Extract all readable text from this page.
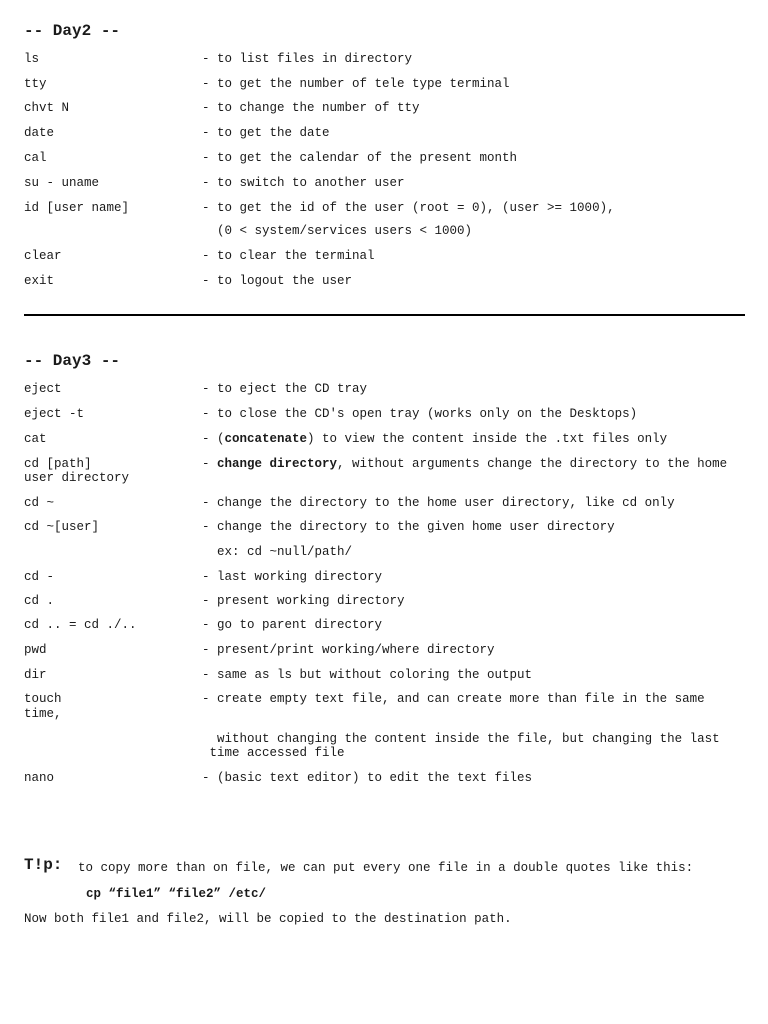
-- Day2 --
ls	- to list files in directory
tty	- to get the number of tele type terminal
chvt N	- to change the number of tty
date	- to get the date
cal	- to get the calendar of the present month
su - uname	- to switch to another user
id [user name]	- to get the id of the user (root = 0), (user >= 1000),
(0 < system/services users < 1000)
clear	- to clear the terminal
exit	- to logout the user
-- Day3 --
eject	- to eject the CD tray
eject -t	- to close the CD's open tray (works only on the Desktops)
cat	- (concatenate) to view the content inside the .txt files only
cd [path]	- change directory, without arguments change the directory to the home
user directory
cd ~	- change the directory to the home user directory, like cd only
cd ~[user]	- change the directory to the given home user directory
ex: cd ~null/path/
cd -	- last working directory
cd .	- present working directory
cd .. = cd ./..	- go to parent directory
pwd	- present/print working/where directory
dir	- same as ls but without coloring the output
touch	- create empty text file, and can create more than file in the same
time,
without changing the content inside the file, but changing the last
time accessed file
nano	- (basic text editor) to edit the text files
T!p: to copy more than on file, we can put every one file in a double quotes like this:
cp “file1” “file2” /etc/
Now both file1 and file2, will be copied to the destination path.
